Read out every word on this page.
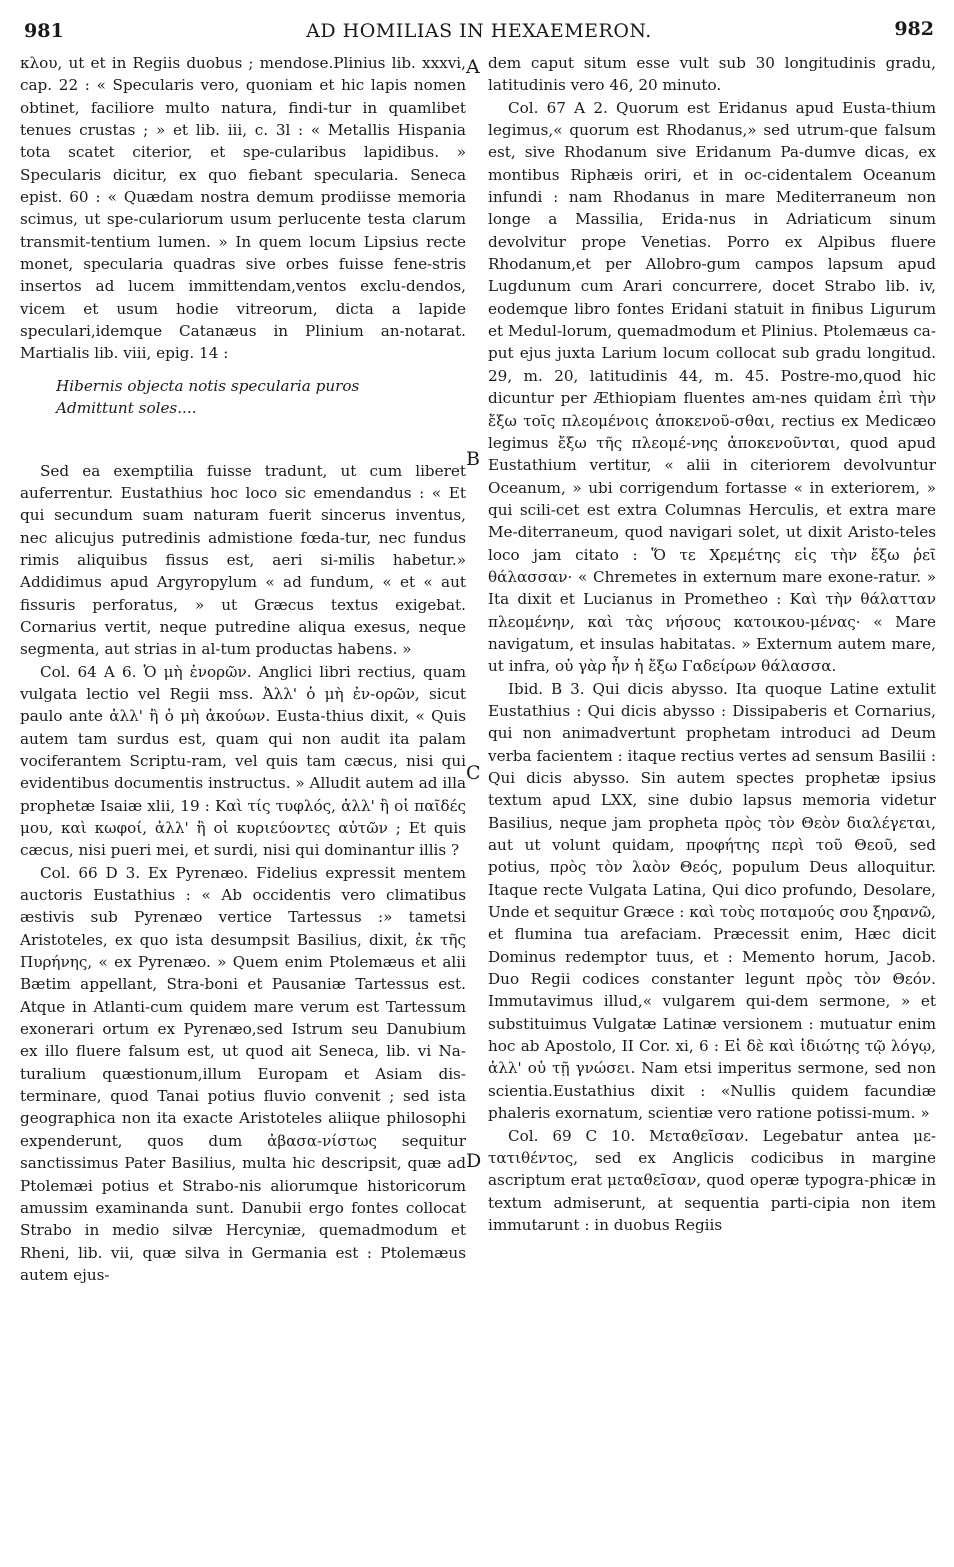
981	AD HOMILIAS IN HEXAEMERON.	982
A
B
C
D

κλου, ut et in Regiis duobus ; mendose.Plinius lib. xxxvi, cap. 22 : « Specularis vero, quoniam et hic lapis nomen obtinet, faciliore multo natura, findi-tur in quamlibet tenues crustas ; » et lib. iii, c. 3l : « Metallis Hispania tota scatet citerior, et spe-cularibus lapidibus. » Specularis dicitur, ex quo fiebant specularia. Seneca epist. 60 : « Quædam nostra demum prodiisse memoria scimus, ut spe-culariorum usum perlucente testa clarum transmit-tentium lumen. » In quem locum Lipsius recte monet, specularia quadras sive orbes fuisse fene-stris insertos ad lucem immittendam,ventos exclu-dendos, vicem et usum hodie vitreorum, dicta a lapide speculari,idemque Catanæus in Plinium an-notarat. Martialis lib. viii, epig. 14 :

Hibernis objecta notis specularia puros
Admittunt soles....

Sed ea exemptilia fuisse tradunt, ut cum liberet auferrentur. Eustathius hoc loco sic emendandus : « Et qui secundum suam naturam fuerit sincerus inventus, nec alicujus putredinis admistione fœda-tur, nec fundus rimis aliquibus fissus est, aeri si-milis habetur.» Addidimus apud Argyropylum « ad fundum, « et « aut fissuris perforatus, » ut Græcus textus exigebat. Cornarius vertit, neque putredine aliqua exesus, neque segmenta, aut strias in al-tum productas habens. »

Col. 64 A 6. Ὁ μὴ ἐνορῶν. Anglici libri rectius, quam vulgata lectio vel Regii mss. Ἀλλ' ὁ μὴ ἐν-ορῶν, sicut paulo ante ἀλλ' ἢ ὁ μὴ ἀκούων. Eusta-thius dixit, « Quis autem tam surdus est, quam qui non audit ita palam vociferantem Scriptu-ram, vel quis tam cæcus, nisi qui evidentibus documentis instructus. » Alludit autem ad illa prophetæ Isaiæ xlii, 19 : Καὶ τίς τυφλός, ἀλλ' ἢ οἱ παῖδές μου, καὶ κωφοί, ἀλλ' ἢ οἱ κυριεύοντες αὐτῶν ; Et quis cæcus, nisi pueri mei, et surdi, nisi qui dominantur illis ?

Col. 66 D 3. Ex Pyrenæo. Fidelius expressit mentem auctoris Eustathius : « Ab occidentis vero climatibus æstivis sub Pyrenæo vertice Tartessus :» tametsi Aristoteles, ex quo ista desumpsit Basilius, dixit, ἐκ τῆς Πυρήνης, « ex Pyrenæo. » Quem enim Ptolemæus et alii Bætim appellant, Stra-boni et Pausaniæ Tartessus est. Atque in Atlanti-cum quidem mare verum est Tartessum exonerari ortum ex Pyrenæo,sed Istrum seu Danubium ex illo fluere falsum est, ut quod ait Seneca, lib. vi Na-turalium quæstionum,illum Europam et Asiam dis-terminare, quod Tanai potius fluvio convenit ; sed ista geographica non ita exacte Aristoteles aliique philosophi expenderunt, quos dum ἀβασα-νίστως sequitur sanctissimus Pater Basilius, multa hic descripsit, quæ ad Ptolemæi potius et Strabo-nis aliorumque historicorum amussim examinanda sunt. Danubii ergo fontes collocat Strabo in medio silvæ Hercyniæ, quemadmodum et Rheni, lib. vii, quæ silva in Germania est : Ptolemæus autem ejus-

dem caput situm esse vult sub 30 longitudinis gradu, latitudinis vero 46, 20 minuto.

Col. 67 A 2. Quorum est Eridanus apud Eusta-thium legimus,« quorum est Rhodanus,» sed utrum-que falsum est, sive Rhodanum sive Eridanum Pa-dumve dicas, ex montibus Riphæis oriri, et in oc-cidentalem Oceanum infundi : nam Rhodanus in mare Mediterraneum non longe a Massilia, Erida-nus in Adriaticum sinum devolvitur prope Venetias. Porro ex Alpibus fluere Rhodanum,et per Allobro-gum campos lapsum apud Lugdunum cum Arari concurrere, docet Strabo lib. iv, eodemque libro fontes Eridani statuit in finibus Ligurum et Medul-lorum, quemadmodum et Plinius. Ptolemæus ca-put ejus juxta Larium locum collocat sub gradu longitud. 29, m. 20, latitudinis 44, m. 45. Postre-mo,quod hic dicuntur per Æthiopiam fluentes am-nes quidam ἐπὶ τὴν ἔξω τοῖς πλεομένοις ἀποκενοῦ-σθαι, rectius ex Medicæo legimus ἔξω τῆς πλεομέ-νης ἀποκενοῦνται, quod apud Eustathium vertitur, « alii in citeriorem devolvuntur Oceanum, » ubi corrigendum fortasse « in exteriorem, » qui scili-cet est extra Columnas Herculis, et extra mare Me-diterraneum, quod navigari solet, ut dixit Aristo-teles loco jam citato : Ὅ τε Χρεμέτης εἰς τὴν ἔξω ῥεῖ θάλασσαν· « Chremetes in externum mare exone-ratur. » Ita dixit et Lucianus in Prometheo : Καὶ τὴν θάλατταν πλεομένην, καὶ τὰς νήσους κατοικου-μένας· « Mare navigatum, et insulas habitatas. » Externum autem mare, ut infra, οὐ γὰρ ἦν ἡ ἔξω Γαδείρων θάλασσα.

Ibid. B 3. Qui dicis abysso. Ita quoque Latine extulit Eustathius : Qui dicis abysso : Dissipaberis et Cornarius, qui non animadvertunt prophetam introduci ad Deum verba facientem : itaque rectius vertes ad sensum Basilii : Qui dicis abysso. Sin autem spectes prophetæ ipsius textum apud LXX, sine dubio lapsus memoria videtur Basilius, neque jam propheta πρὸς τὸν Θεὸν διαλέγεται, aut ut volunt quidam, προφήτης περὶ τοῦ Θεοῦ, sed potius, πρὸς τὸν λαὸν Θεός, populum Deus alloquitur. Itaque recte Vulgata Latina, Qui dico profundo, Desolare, Unde et sequitur Græce : καὶ τοὺς ποταμούς σου ξηρανῶ, et flumina tua arefaciam. Præcessit enim, Hæc dicit Dominus redemptor tuus, et : Memento horum, Jacob. Duo Regii codices constanter legunt πρὸς τὸν Θεόν. Immutavimus illud,« vulgarem qui-dem sermone, » et substituimus Vulgatæ Latinæ versionem : mutuatur enim hoc ab Apostolo, II Cor. xi, 6 : Εἰ δὲ καὶ ἰδιώτης τῷ λόγῳ, ἀλλ' οὐ τῇ γνώσει. Nam etsi imperitus sermone, sed non scientia.Eustathius dixit : «Nullis quidem facundiæ phaleris exornatum, scientiæ vero ratione potissi-mum. »

Col. 69 C 10. Μεταθεῖσαν. Legebatur antea με-τατιθέντος, sed ex Anglicis codicibus in margine ascriptum erat μεταθεῖσαν, quod operæ typogra-phicæ in textum admiserunt, at sequentia parti-cipia non item immutarunt : in duobus Regiis
